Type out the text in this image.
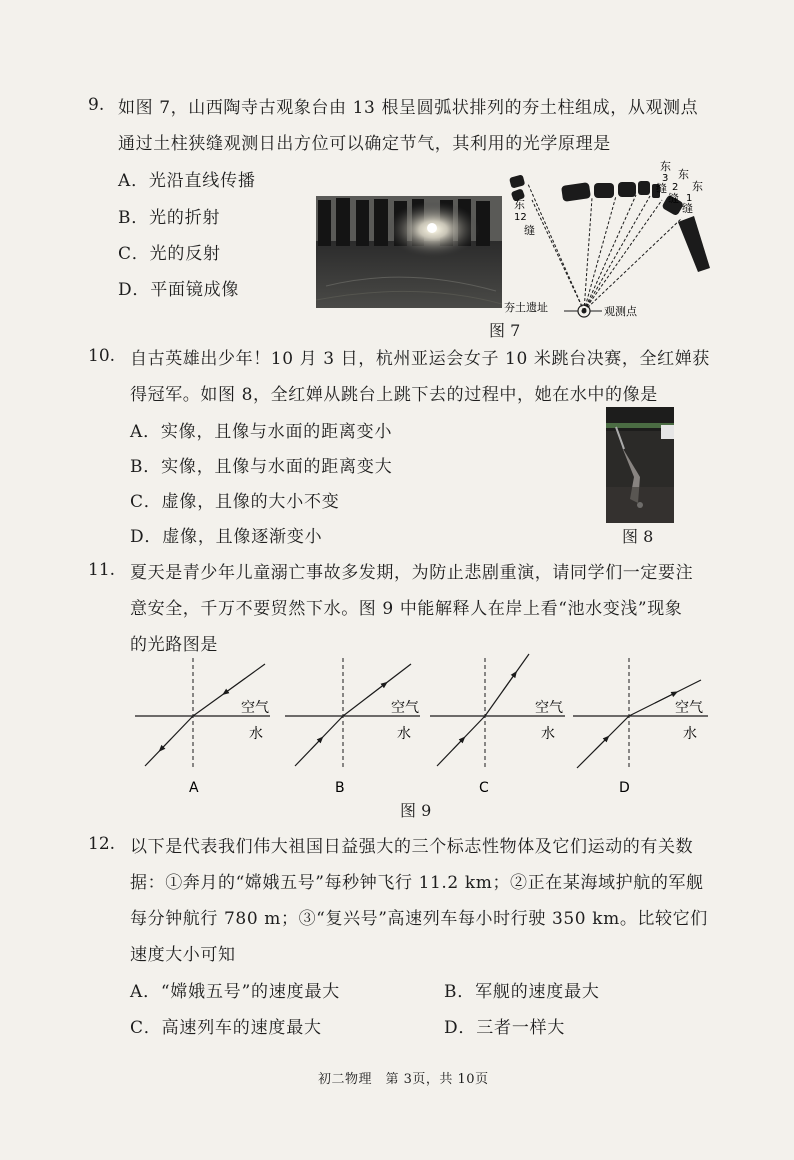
9. 如图 7，山西陶寺古观象台由 13 根呈圆弧状排列的夯土柱组成，从观测点
通过土柱狭缝观测日出方位可以确定节气，其利用的光学原理是
A．光沿直线传播
B．光的折射
C．光的反射
D．平面镜成像
东
3
缝
东
2
缝
东
1
缝
东
12
缝
夯土遗址	观测点
图 7
10. 自古英雄出少年！10 月 3 日，杭州亚运会女子 10 米跳台决赛，全红婵获
得冠军。如图 8，全红婵从跳台上跳下去的过程中，她在水中的像是
A．实像，且像与水面的距离变小
B．实像，且像与水面的距离变大
C．虚像，且像的大小不变
D．虚像，且像逐渐变小	图 8
11. 夏天是青少年儿童溺亡事故多发期，为防止悲剧重演，请同学们一定要注
意安全，千万不要贸然下水。图 9 中能解释人在岸上看“池水变浅”现象
的光路图是
空气
水
A
空气
水
B
空气
水
C
空气
水
D
图 9
12. 以下是代表我们伟大祖国日益强大的三个标志性物体及它们运动的有关数
据：①奔月的“嫦娥五号”每秒钟飞行 11.2 km；②正在某海域护航的军舰
每分钟航行 780 m；③“复兴号”高速列车每小时行驶 350 km。比较它们
速度大小可知
A．“嫦娥五号”的速度最大	B．军舰的速度最大
C．高速列车的速度最大	D．三者一样大
初二物理　第 3页，共 10页
